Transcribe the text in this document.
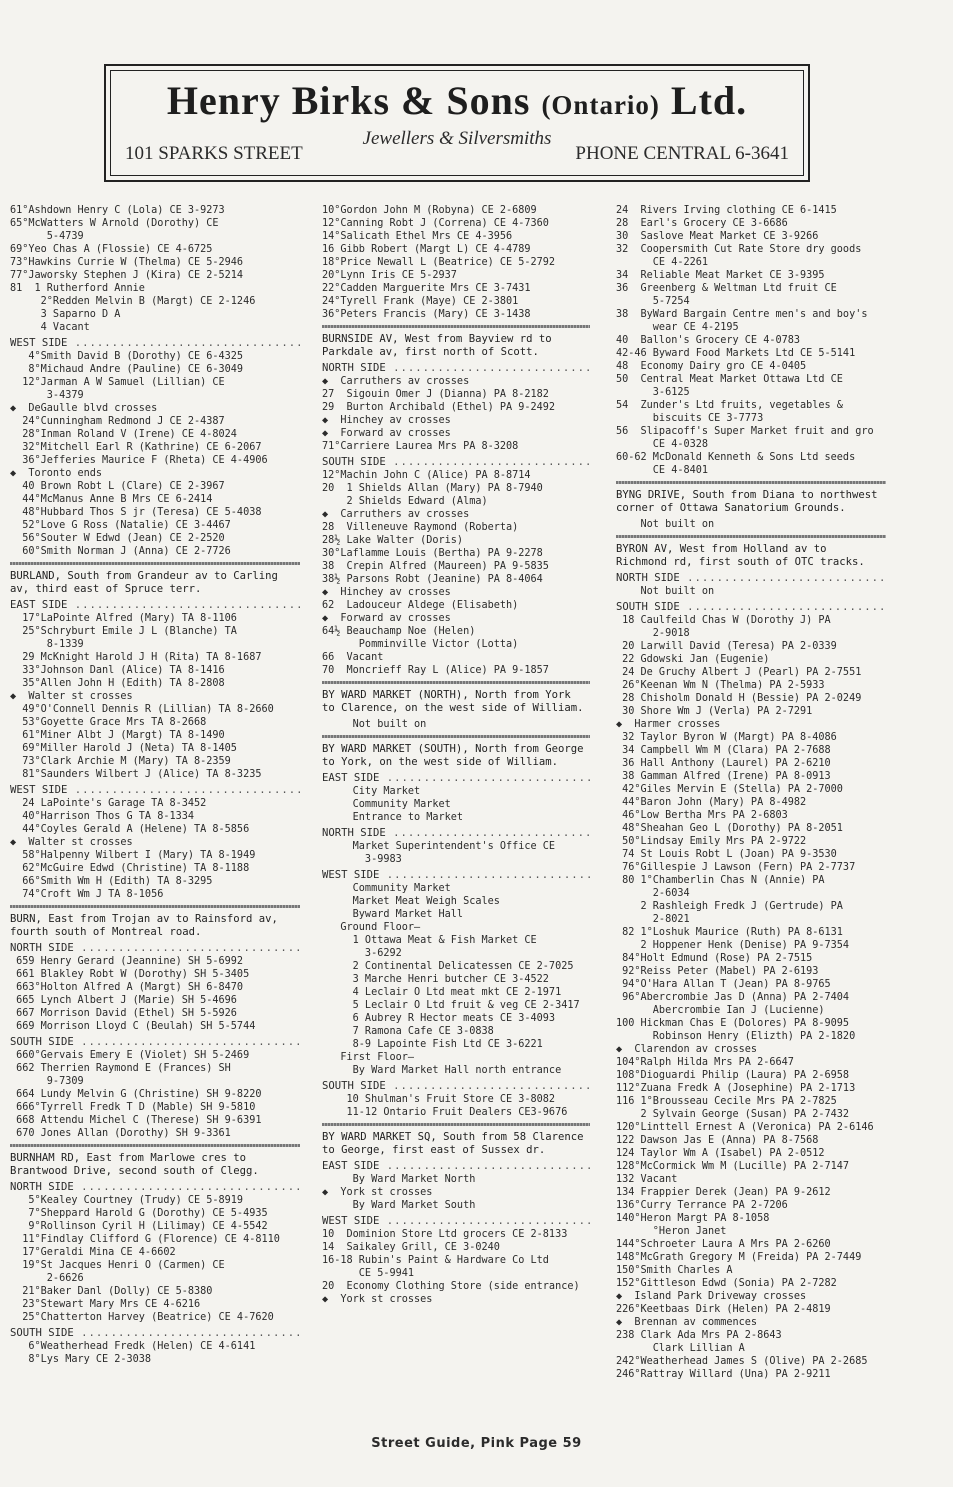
Henry Birks & Sons (Ontario) Ltd.
Jewellers & Silversmiths
101 SPARKS STREET	PHONE CENTRAL 6-3641
61°Ashdown Henry C (Lola) CE 3-9273
65°McWatters W Arnold (Dorothy) CE
5-4739
69°Yeo Chas A (Flossie) CE 4-6725
73°Hawkins Currie W (Thelma) CE 5-2946
77°Jaworsky Stephen J (Kira) CE 2-5214
81  1 Rutherford Annie
2°Redden Melvin B (Margt) CE 2-1246
3 Saparno D A
4 Vacant
WEST SIDE .....
4°Smith David B (Dorothy) CE 6-4325
8°Michaud Andre (Pauline) CE 6-3049
12°Jarman A W Samuel (Lillian) CE
3-4379
◆  DeGaulle blvd crosses
24°Cunningham Redmond J CE 2-4387
28°Inman Roland V (Irene) CE 4-8024
32°Mitchell Earl R (Kathrine) CE 6-2067
36°Jefferies Maurice F (Rheta) CE 4-4906
◆  Toronto ends
40 Brown Robt L (Clare) CE 2-3967
44°McManus Anne B Mrs CE 6-2414
48°Hubbard Thos S jr (Teresa) CE 5-4038
52°Love G Ross (Natalie) CE 3-4467
56°Souter W Edwd (Jean) CE 2-2520
60°Smith Norman J (Anna) CE 2-7726
BURLAND, South from Grandeur av to Carling av, third east of Spruce terr.
EAST SIDE .....
17°LaPointe Alfred (Mary) TA 8-1106
25°Schryburt Emile J L (Blanche) TA
8-1339
29 McKnight Harold J H (Rita) TA 8-1687
33°Johnson Danl (Alice) TA 8-1416
35°Allen John H (Edith) TA 8-2808
◆  Walter st crosses
49°O'Connell Dennis R (Lillian) TA 8-2660
53°Goyette Grace Mrs TA 8-2668
61°Miner Albt J (Margt) TA 8-1490
69°Miller Harold J (Neta) TA 8-1405
73°Clark Archie M (Mary) TA 8-2359
81°Saunders Wilbert J (Alice) TA 8-3235
WEST SIDE .....
24 LaPointe's Garage TA 8-3452
40°Harrison Thos G TA 8-1334
44°Coyles Gerald A (Helene) TA 8-5856
◆  Walter st crosses
58°Halpenny Wilbert I (Mary) TA 8-1949
62°McGuire Edwd (Christine) TA 8-1188
66°Smith Wm H (Edith) TA 8-3295
74°Croft Wm J TA 8-1056
BURN, East from Trojan av to Rainsford av, fourth south of Montreal road.
NORTH SIDE .....
659 Henry Gerard (Jeannine) SH 5-6992
661 Blakley Robt W (Dorothy) SH 5-3405
663°Holton Alfred A (Margt) SH 6-8470
665 Lynch Albert J (Marie) SH 5-4696
667 Morrison David (Ethel) SH 5-5926
669 Morrison Lloyd C (Beulah) SH 5-5744
SOUTH SIDE .....
660°Gervais Emery E (Violet) SH 5-2469
662 Therrien Raymond E (Frances) SH
9-7309
664 Lundy Melvin G (Christine) SH 9-8220
666°Tyrrell Fredk T D (Mable) SH 9-5810
668 Attendu Michel C (Therese) SH 9-6391
670 Jones Allan (Dorothy) SH 9-3361
BURNHAM RD, East from Marlowe cres to Brantwood Drive, second south of Clegg.
NORTH SIDE .....
5°Kealey Courtney (Trudy) CE 5-8919
7°Sheppard Harold G (Dorothy) CE 5-4935
9°Rollinson Cyril H (Lilimay) CE 4-5542
11°Findlay Clifford G (Florence) CE 4-8110
17°Geraldi Mina CE 4-6602
19°St Jacques Henri O (Carmen) CE
2-6626
21°Baker Danl (Dolly) CE 5-8380
23°Stewart Mary Mrs CE 4-6216
25°Chatterton Harvey (Beatrice) CE 4-7620
SOUTH SIDE .....
6°Weatherhead Fredk (Helen) CE 4-6141
8°Lys Mary CE 2-3038
10°Gordon John M (Robyna) CE 2-6809
12°Canning Robt J (Correna) CE 4-7360
14°Salicath Ethel Mrs CE 4-3956
16 Gibb Robert (Margt L) CE 4-4789
18°Price Newall L (Beatrice) CE 5-2792
20°Lynn Iris CE 5-2937
22°Cadden Marguerite Mrs CE 3-7431
24°Tyrell Frank (Maye) CE 2-3801
36°Peters Francis (Mary) CE 3-1438
BURNSIDE AV, West from Bayview rd to Parkdale av, first north of Scott.
NORTH SIDE .....
◆  Carruthers av crosses
27  Sigouin Omer J (Dianna) PA 8-2182
29  Burton Archibald (Ethel) PA 9-2492
◆  Hinchey av crosses
◆  Forward av crosses
71°Carriere Laurea Mrs PA 8-3208
SOUTH SIDE .....
12°Machin John C (Alice) PA 8-8714
20  1 Shields Allan (Mary) PA 8-7940
2 Shields Edward (Alma)
◆  Carruthers av crosses
28  Villeneuve Raymond (Roberta)
28½ Lake Walter (Doris)
30°Laflamme Louis (Bertha) PA 9-2278
38  Crepin Alfred (Maureen) PA 9-5835
38½ Parsons Robt (Jeanine) PA 8-4064
◆  Hinchey av crosses
62  Ladouceur Aldege (Elisabeth)
◆  Forward av crosses
64½ Beauchamp Noe (Helen)
Pomminville Victor (Lotta)
66  Vacant
70  Moncrieff Ray L (Alice) PA 9-1857
BY WARD MARKET (NORTH), North from York to Clarence, on the west side of William.
Not built on
BY WARD MARKET (SOUTH), North from George to York, on the west side of William.
EAST SIDE .....
City Market
Community Market
Entrance to Market
NORTH SIDE .....
Market Superintendent's Office CE
3-9983
WEST SIDE .....
Community Market
Market Meat Weigh Scales
Byward Market Hall
Ground Floor—
1 Ottawa Meat & Fish Market CE
3-6292
2 Continental Delicatessen CE 2-7025
3 Marche Henri butcher CE 3-4522
4 Leclair O Ltd meat mkt CE 2-1971
5 Leclair O Ltd fruit & veg CE 2-3417
6 Aubrey R Hector meats CE 3-4093
7 Ramona Cafe CE 3-0838
8-9 Lapointe Fish Ltd CE 3-6221
First Floor—
By Ward Market Hall north entrance
SOUTH SIDE .....
10 Shulman's Fruit Store CE 3-8082
11-12 Ontario Fruit Dealers CE3-9676
BY WARD MARKET SQ, South from 58 Clarence to George, first east of Sussex dr.
EAST SIDE .....
By Ward Market North
◆  York st crosses
By Ward Market South
WEST SIDE .....
10  Dominion Store Ltd grocers CE 2-8133
14  Saikaley Grill, CE 3-0240
16-18 Rubin's Paint & Hardware Co Ltd
CE 5-9941
20  Economy Clothing Store (side entrance)
◆  York st crosses
24  Rivers Irving clothing CE 6-1415
28  Earl's Grocery CE 3-6686
30  Saslove Meat Market CE 3-9266
32  Coopersmith Cut Rate Store dry goods
CE 4-2261
34  Reliable Meat Market CE 3-9395
36  Greenberg & Weltman Ltd fruit CE
5-7254
38  ByWard Bargain Centre men's and boy's
wear CE 4-2195
40  Ballon's Grocery CE 4-0783
42-46 Byward Food Markets Ltd CE 5-5141
48  Economy Dairy gro CE 4-0405
50  Central Meat Market Ottawa Ltd CE
3-6125
54  Zunder's Ltd fruits, vegetables &
biscuits CE 3-7773
56  Slipacoff's Super Market fruit and gro
CE 4-0328
60-62 McDonald Kenneth & Sons Ltd seeds
CE 4-8401
BYNG DRIVE, South from Diana to northwest corner of Ottawa Sanatorium Grounds.
Not built on
BYRON AV, West from Holland av to Richmond rd, first south of OTC tracks.
NORTH SIDE .....
Not built on
SOUTH SIDE .....
18 Caulfeild Chas W (Dorothy J) PA
2-9018
20 Larwill David (Teresa) PA 2-0339
22 Gdowski Jan (Eugenie)
24 De Gruchy Albert J (Pearl) PA 2-7551
26°Keenan Wm N (Thelma) PA 2-5933
28 Chisholm Donald H (Bessie) PA 2-0249
30 Shore Wm J (Verla) PA 2-7291
◆  Harmer crosses
32 Taylor Byron W (Margt) PA 8-4086
34 Campbell Wm M (Clara) PA 2-7688
36 Hall Anthony (Laurel) PA 2-6210
38 Gamman Alfred (Irene) PA 8-0913
42°Giles Mervin E (Stella) PA 2-7000
44°Baron John (Mary) PA 8-4982
46°Low Bertha Mrs PA 2-6803
48°Sheahan Geo L (Dorothy) PA 8-2051
50°Lindsay Emily Mrs PA 2-9722
74 St Louis Robt L (Joan) PA 9-3530
76°Gillespie J Lawson (Fern) PA 2-7737
80 1°Chamberlin Chas N (Annie) PA
2-6034
2 Rashleigh Fredk J (Gertrude) PA
2-8021
82 1°Loshuk Maurice (Ruth) PA 8-6131
2 Hoppener Henk (Denise) PA 9-7354
84°Holt Edmund (Rose) PA 2-7515
92°Reiss Peter (Mabel) PA 2-6193
94°O'Hara Allan T (Jean) PA 8-9765
96°Abercrombie Jas D (Anna) PA 2-7404
Abercrombie Ian J (Lucienne)
100 Hickman Chas E (Dolores) PA 8-9095
Robinson Henry (Elizth) PA 2-1820
◆  Clarendon av crosses
104°Ralph Hilda Mrs PA 2-6647
108°Dioguardi Philip (Laura) PA 2-6958
112°Zuana Fredk A (Josephine) PA 2-1713
116 1°Brousseau Cecile Mrs PA 2-7825
2 Sylvain George (Susan) PA 2-7432
120°Linttell Ernest A (Veronica) PA 2-6146
122 Dawson Jas E (Anna) PA 8-7568
124 Taylor Wm A (Isabel) PA 2-0512
128°McCormick Wm M (Lucille) PA 2-7147
132 Vacant
134 Frappier Derek (Jean) PA 9-2612
136°Curry Terrance PA 2-7206
140°Heron Margt PA 8-1058
°Heron Janet
144°Schroeter Laura A Mrs PA 2-6260
148°McGrath Gregory M (Freida) PA 2-7449
150°Smith Charles A
152°Gittleson Edwd (Sonia) PA 2-7282
◆  Island Park Driveway crosses
226°Keetbaas Dirk (Helen) PA 2-4819
◆  Brennan av commences
238 Clark Ada Mrs PA 2-8643
Clark Lillian A
242°Weatherhead James S (Olive) PA 2-2685
246°Rattray Willard (Una) PA 2-9211
Street Guide, Pink Page 59
